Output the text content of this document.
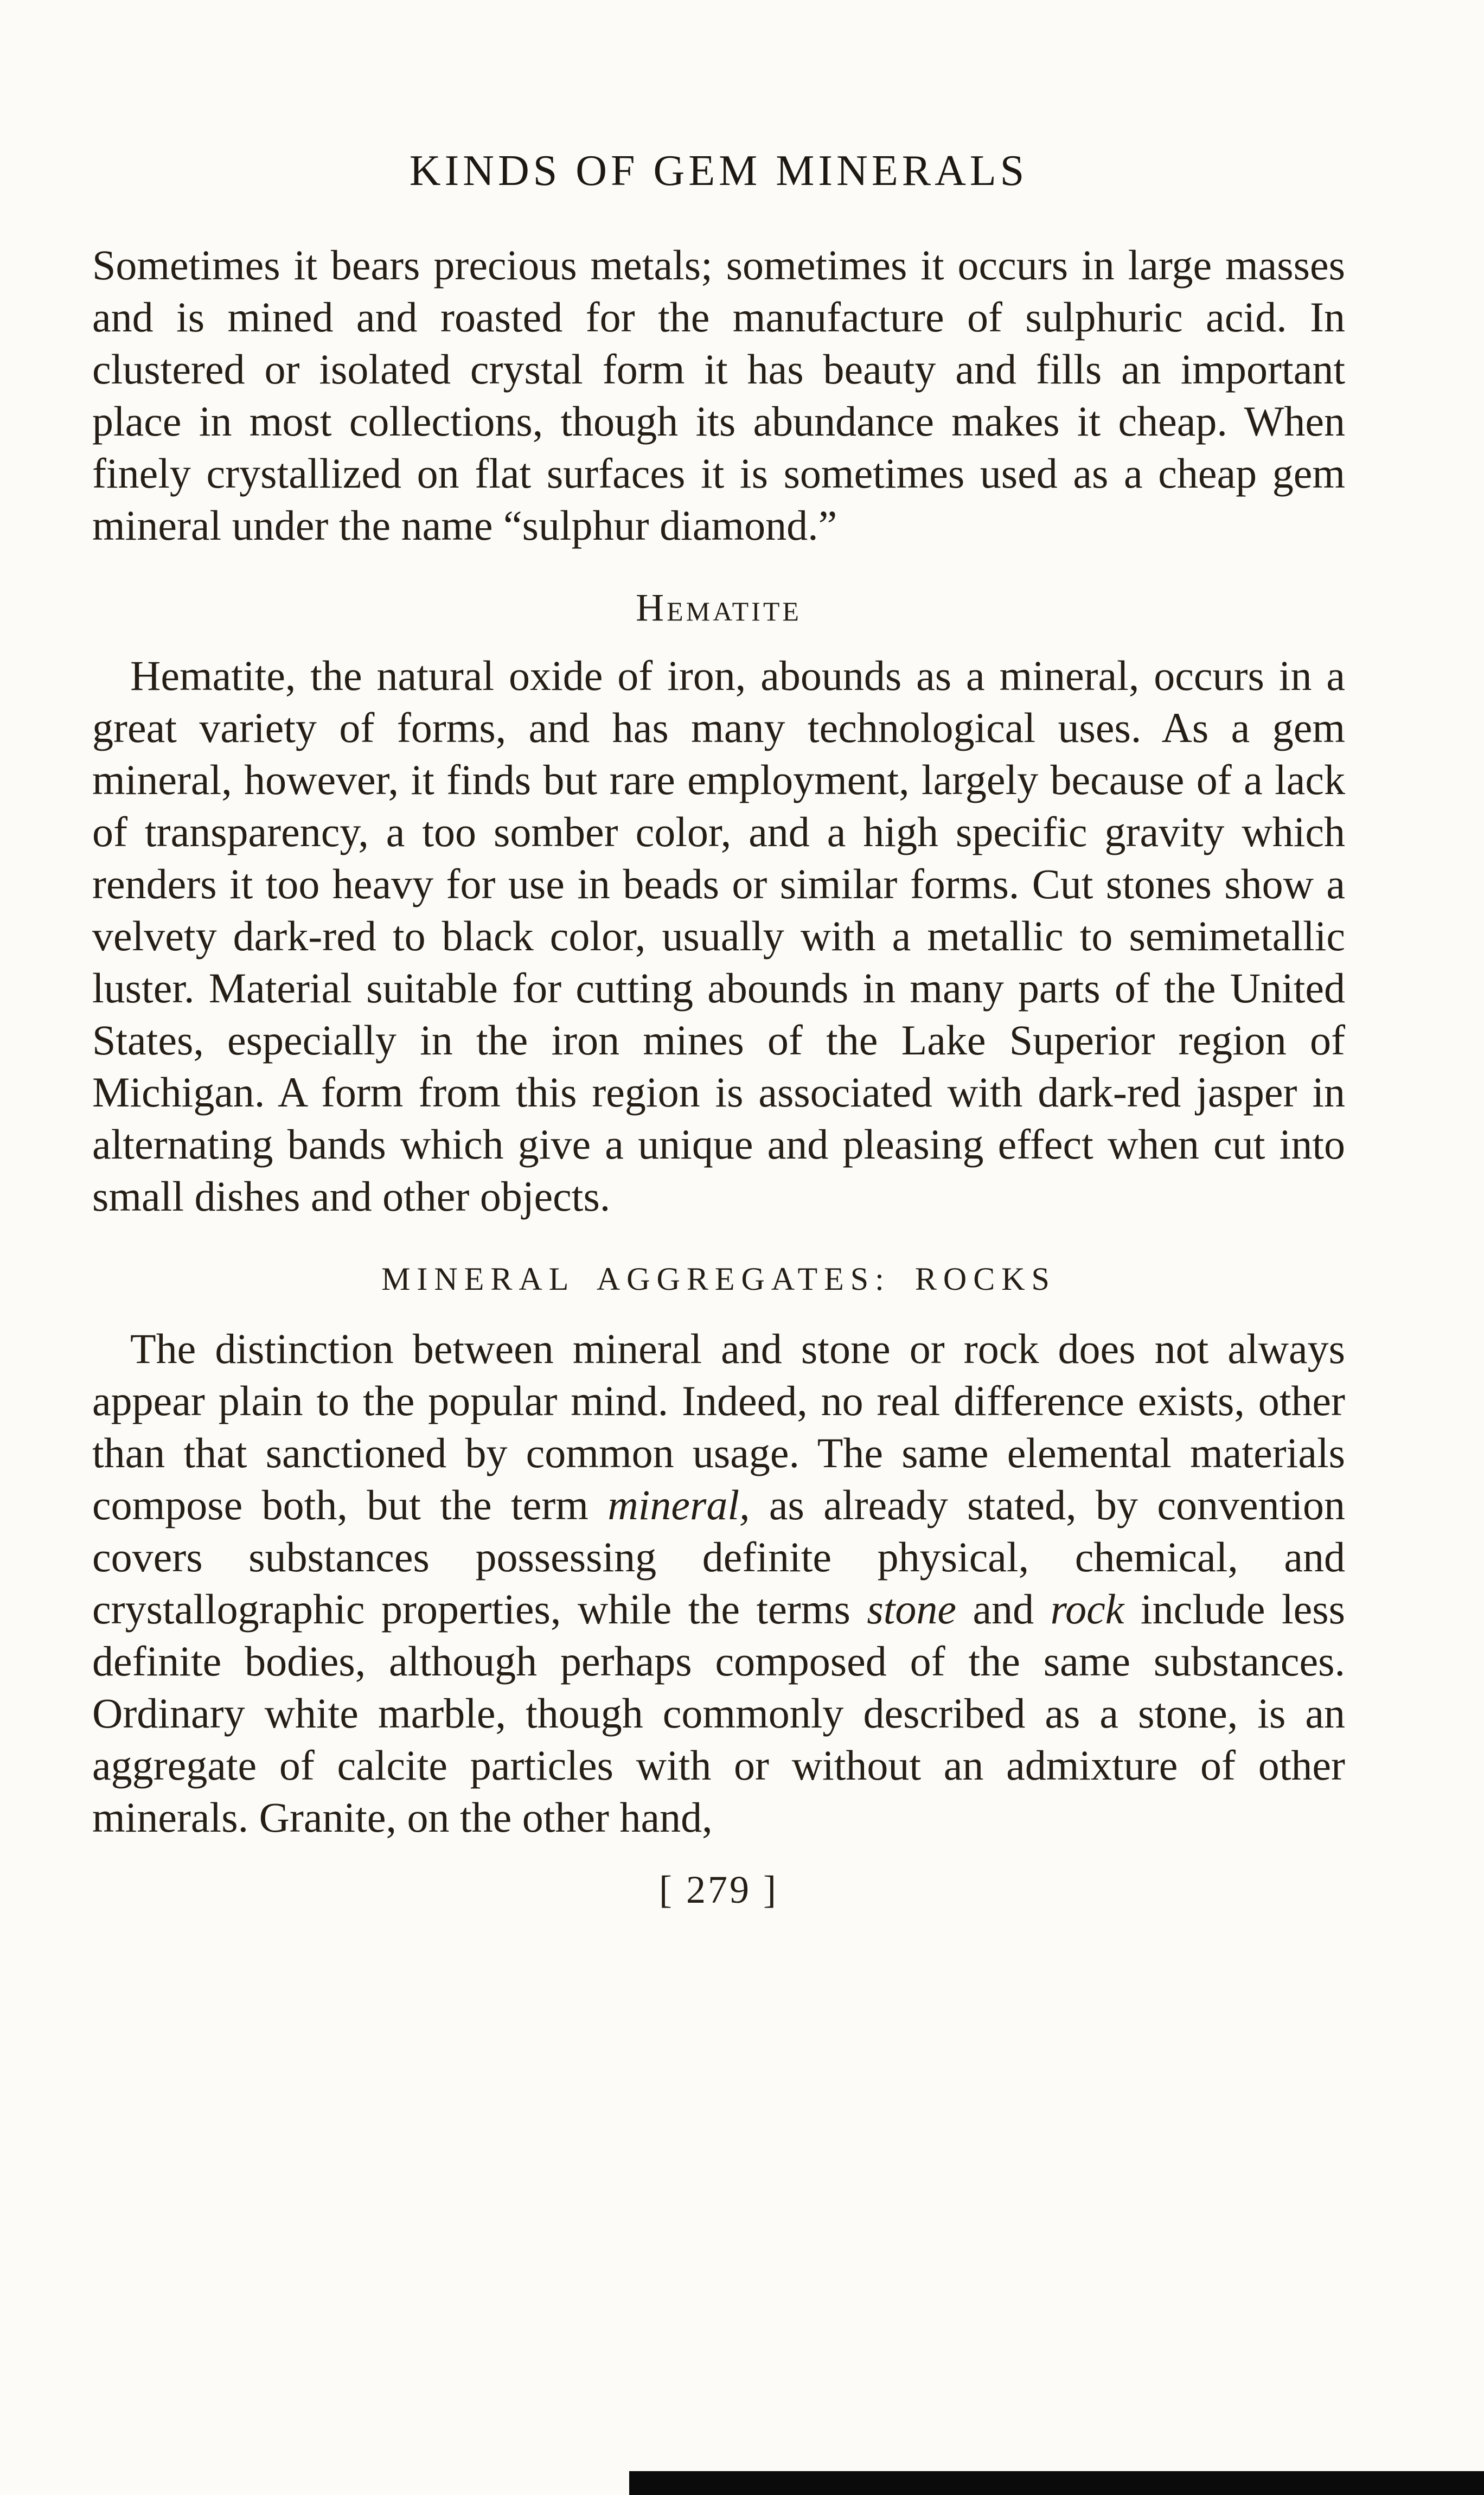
KINDS OF GEM MINERALS

Sometimes it bears precious metals; sometimes it occurs in large masses and is mined and roasted for the manufacture of sulphuric acid. In clustered or isolated crystal form it has beauty and fills an important place in most collections, though its abundance makes it cheap. When finely crystallized on flat surfaces it is sometimes used as a cheap gem mineral under the name “sulphur diamond.”

Hematite

Hematite, the natural oxide of iron, abounds as a mineral, occurs in a great variety of forms, and has many technological uses. As a gem mineral, however, it finds but rare employment, largely because of a lack of transparency, a too somber color, and a high specific gravity which renders it too heavy for use in beads or similar forms. Cut stones show a velvety dark-red to black color, usually with a metallic to semimetallic luster. Material suitable for cutting abounds in many parts of the United States, especially in the iron mines of the Lake Superior region of Michigan. A form from this region is associated with dark-red jasper in alternating bands which give a unique and pleasing effect when cut into small dishes and other objects.

MINERAL AGGREGATES: ROCKS

The distinction between mineral and stone or rock does not always appear plain to the popular mind. Indeed, no real difference exists, other than that sanctioned by common usage. The same elemental materials compose both, but the term mineral, as already stated, by convention covers substances possessing definite physical, chemical, and crystallographic properties, while the terms stone and rock include less definite bodies, although perhaps composed of the same substances. Ordinary white marble, though commonly described as a stone, is an aggregate of calcite particles with or without an admixture of other minerals. Granite, on the other hand,

[ 279 ]
